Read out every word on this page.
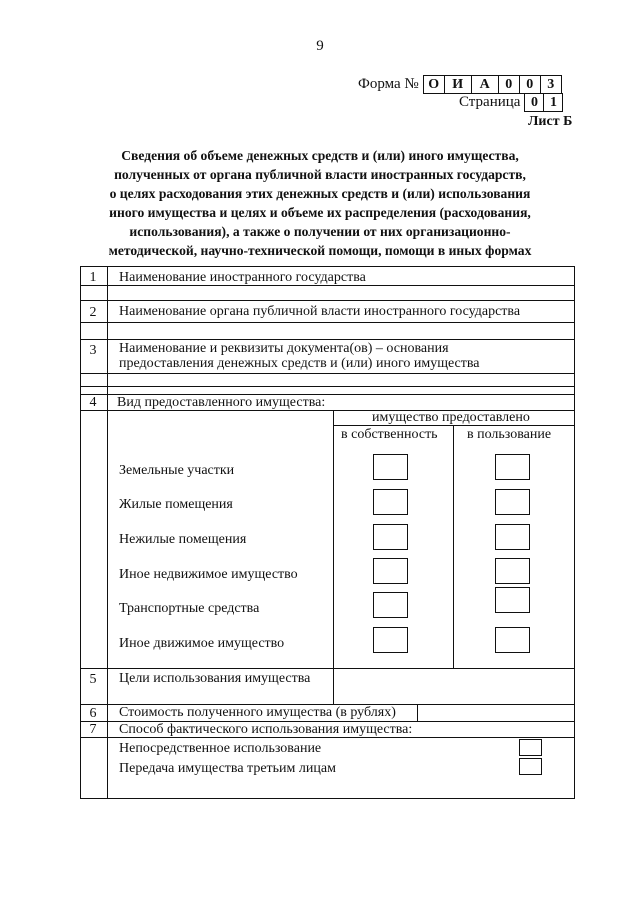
9
Форма № О И	А	0	0	3
Страница 0 1
Лист Б
Сведения об объеме денежных средств и (или) иного имущества,
полученных от органа публичной власти иностранных государств,
о целях расходования этих денежных средств и (или) использования
иного имущества и целях и объеме их распределения (расходования,
использования), а также о получении от них организационно-
методической, научно-технической помощи, помощи в иных формах
1	Наименование иностранного государства
2	Наименование органа публичной власти иностранного государства
3	Наименование и реквизиты документа(ов) – основания
предоставления денежных средств и (или) иного имущества
4	Вид предоставленного имущества:
имущество предоставлено
в собственность в пользование
Земельные участки
Жилые помещения
Нежилые помещения
Иное недвижимое имущество
Транспортные средства
Иное движимое имущество
5	Цели использования имущества
6	Стоимость полученного имущества (в рублях)
7	Способ фактического использования имущества:
Непосредственное использование
Передача имущества третьим лицам
